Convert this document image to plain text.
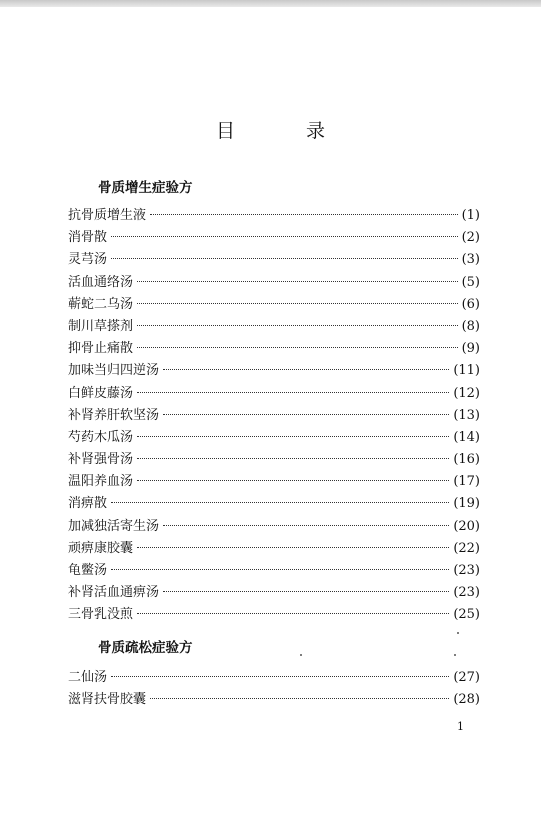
目　录
骨质增生症验方
抗骨质增生液	(1)
消骨散	(2)
灵芎汤	(3)
活血通络汤	(5)
蕲蛇二乌汤	(6)
制川草搽剂	(8)
抑骨止痛散	(9)
加味当归四逆汤	(11)
白鲜皮藤汤	(12)
补肾养肝软坚汤	(13)
芍药木瓜汤	(14)
补肾强骨汤	(16)
温阳养血汤	(17)
消痹散	(19)
加减独活寄生汤	(20)
顽痹康胶囊	(22)
龟鳖汤	(23)
补肾活血通痹汤	(23)
三骨乳没煎	(25)
骨质疏松症验方
二仙汤	(27)
滋肾扶骨胶囊	(28)
1
